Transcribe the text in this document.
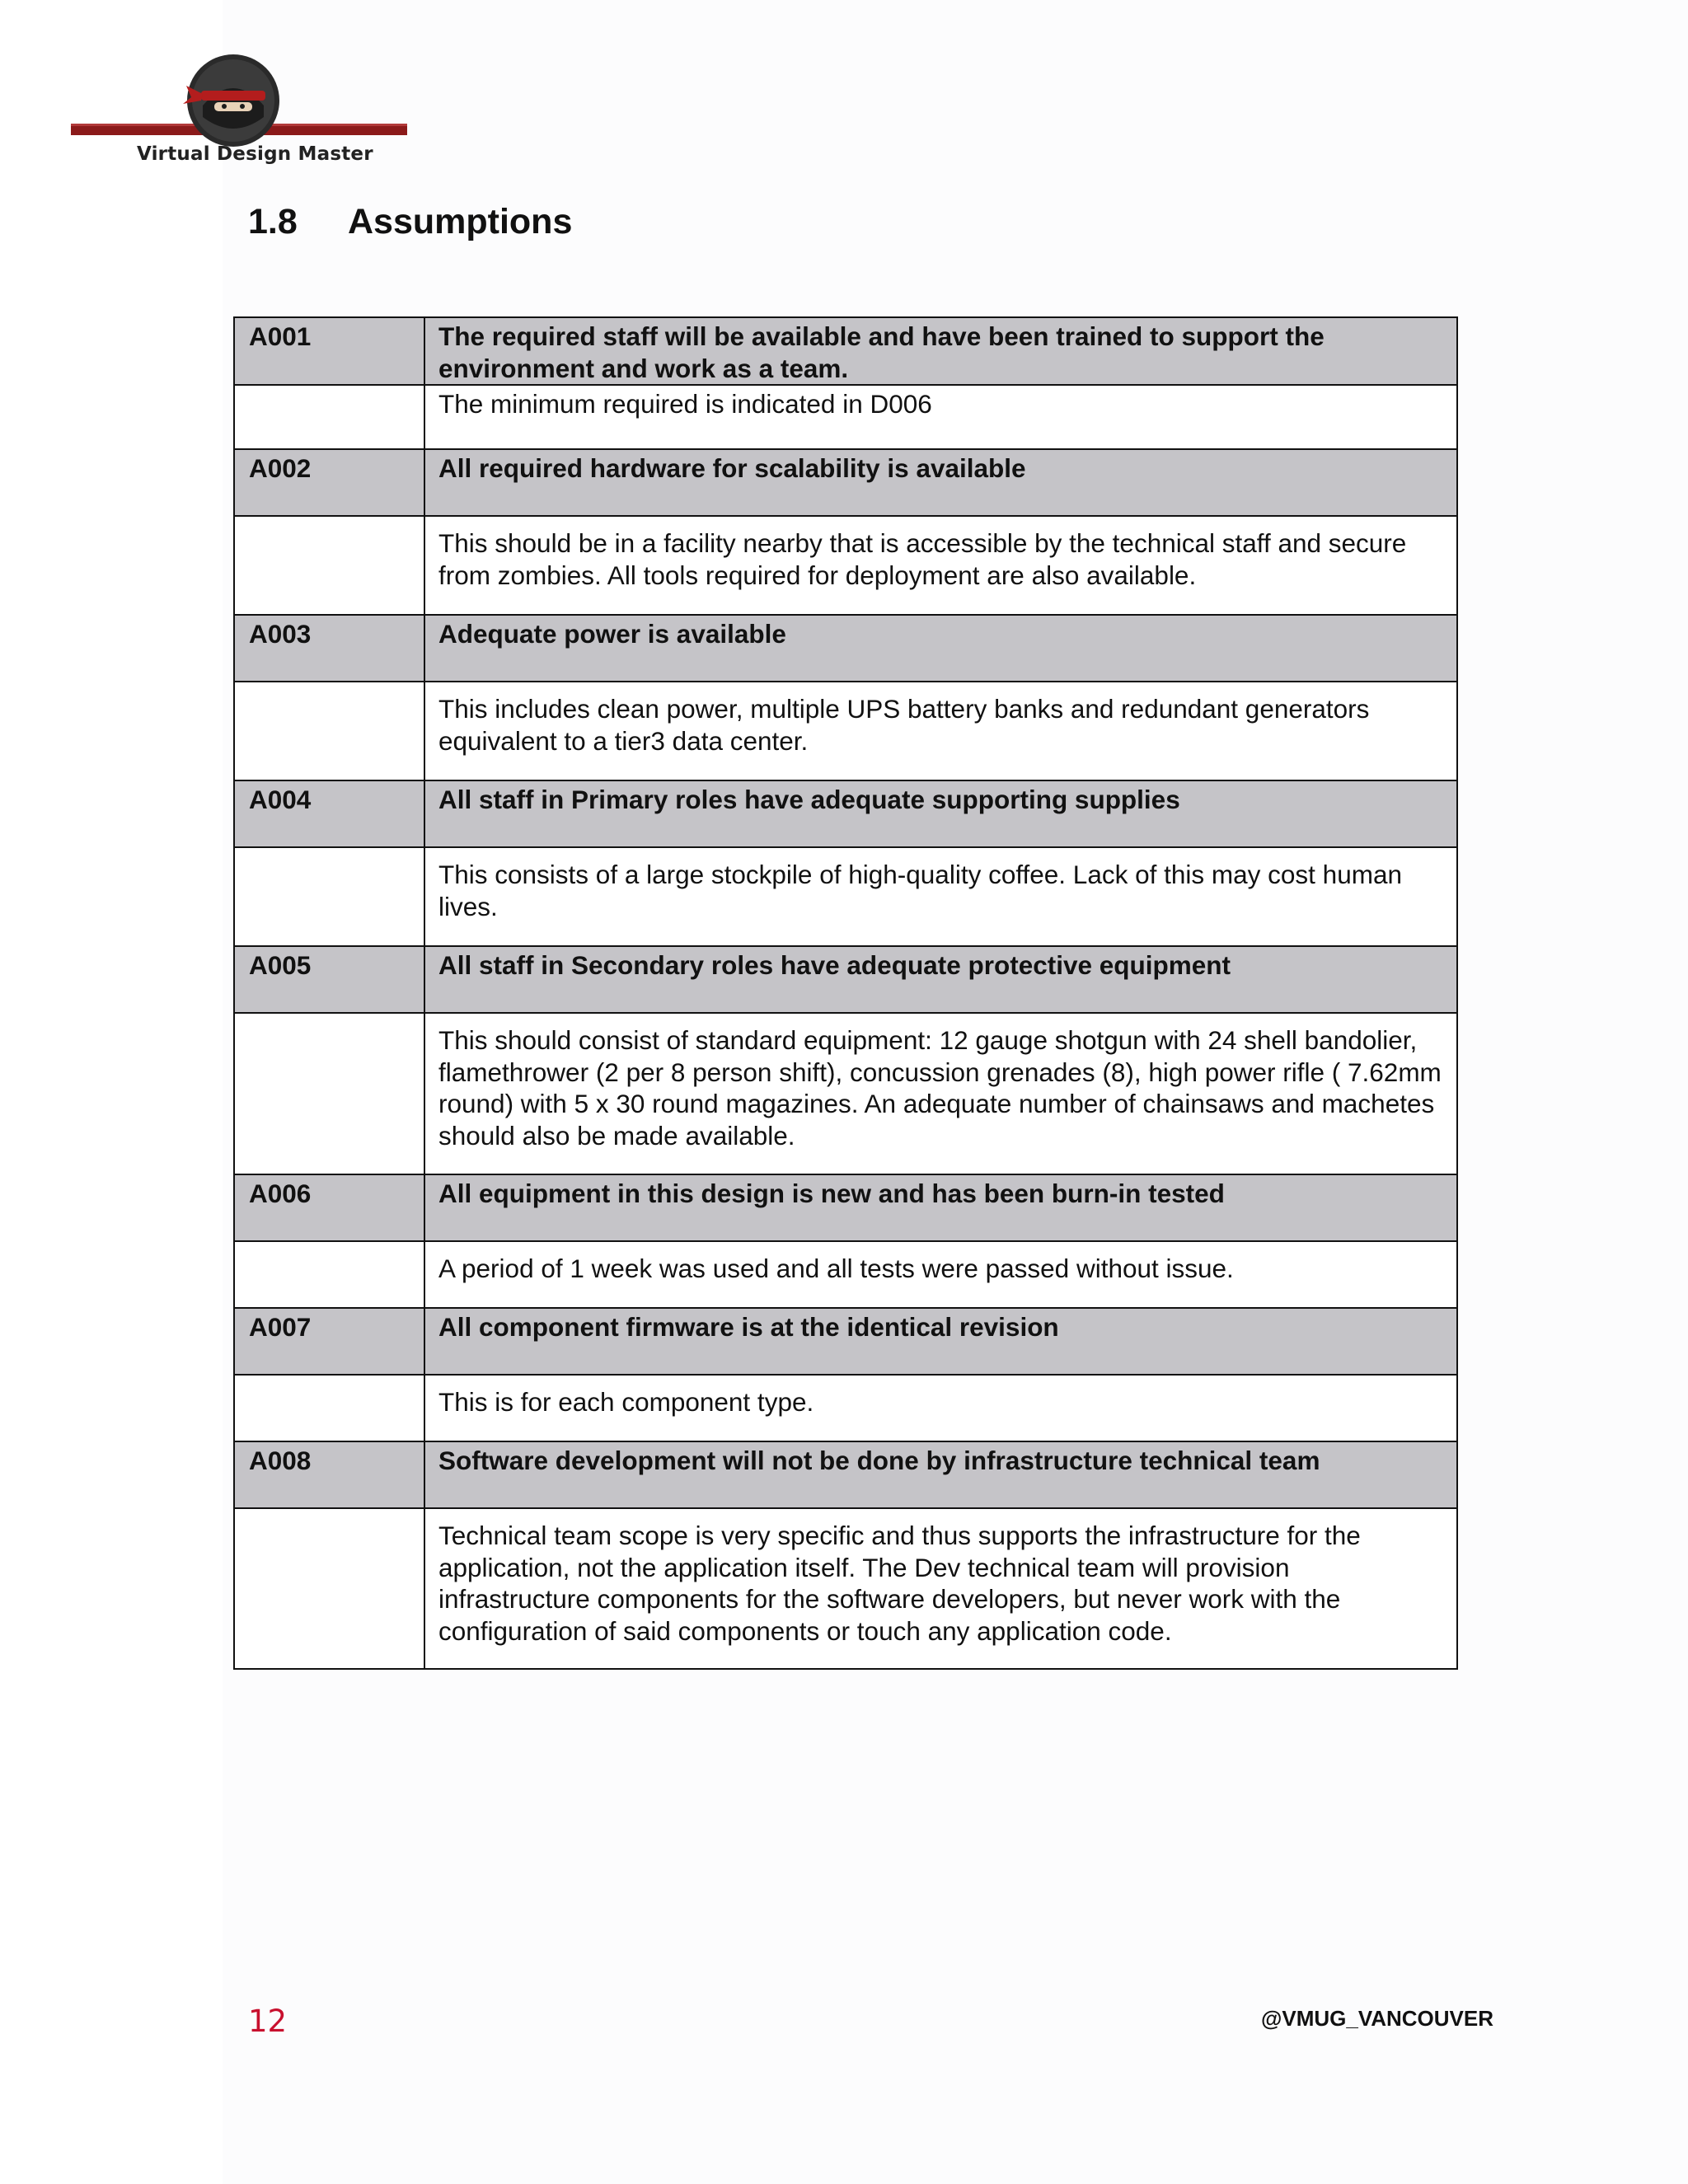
Virtual Design Master
1.8 Assumptions
A001	The required staff will be available and have been trained to support the environment and work as a team.
	The minimum required is indicated in D006
A002	All required hardware for scalability is available
	This should be in a facility nearby that is accessible by the technical staff and secure from zombies. All tools required for deployment are also available.
A003	Adequate power is available
	This includes clean power, multiple UPS battery banks and redundant generators equivalent to a tier3 data center.
A004	All staff in Primary roles have adequate supporting supplies
	This consists of a large stockpile of high-quality coffee. Lack of this may cost human lives.
A005	All staff in Secondary roles have adequate protective equipment
	This should consist of standard equipment: 12 gauge shotgun with 24 shell bandolier, flamethrower (2 per 8 person shift), concussion grenades (8), high power rifle ( 7.62mm round) with 5 x 30 round magazines. An adequate number of chainsaws and machetes should also be made available.
A006	All equipment in this design is new and has been burn-in tested
	A period of 1 week was used and all tests were passed without issue.
A007	All component firmware is at the identical revision
	This is for each component type.
A008	Software development will not be done by infrastructure technical team
	Technical team scope is very specific and thus supports the infrastructure for the application, not the application itself. The Dev technical team will provision infrastructure components for the software developers, but never work with the configuration of said components or touch any application code.
12	@VMUG_VANCOUVER
